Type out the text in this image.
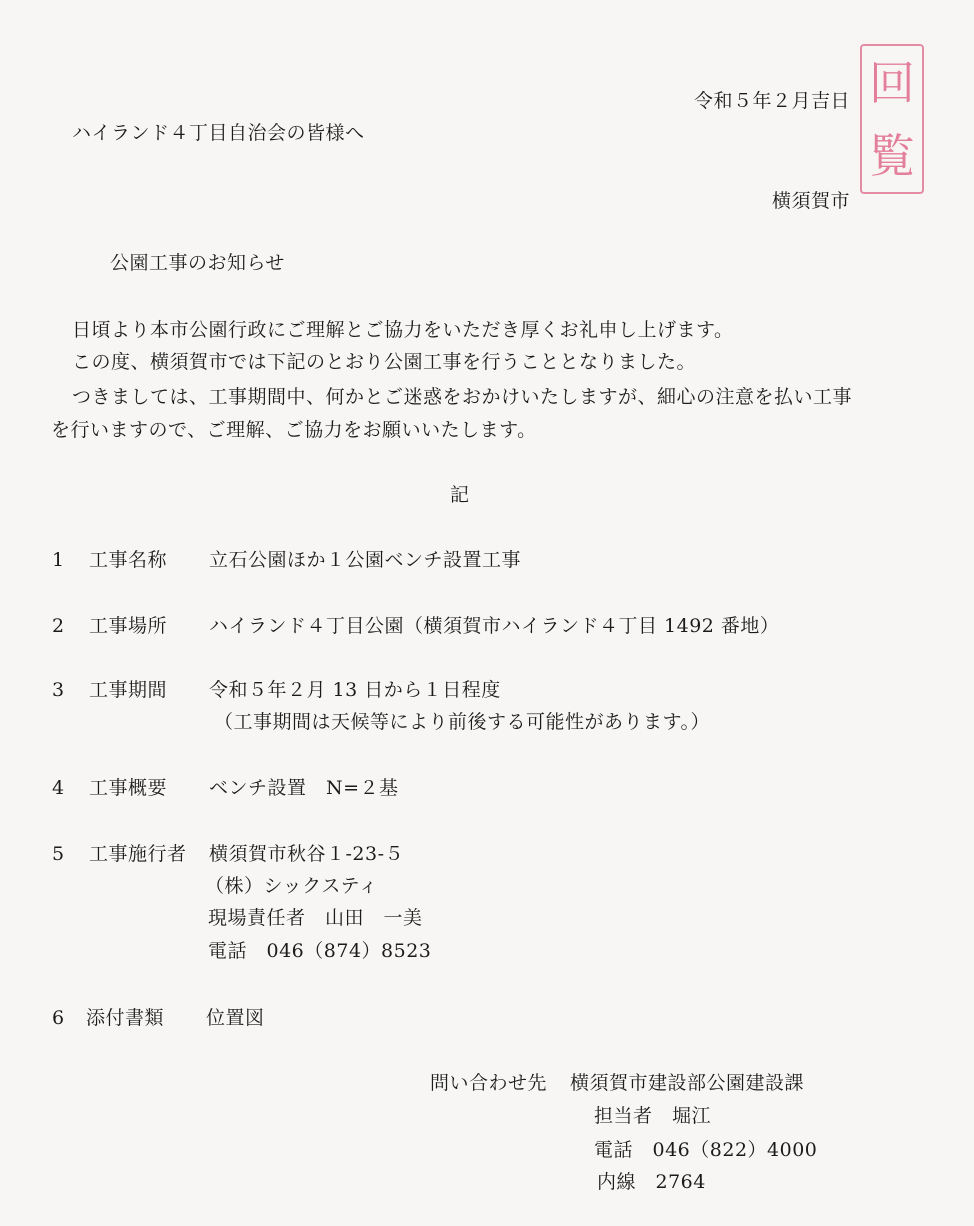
令和５年２月吉日 回
覧
ハイランド４丁目自治会の皆様へ
横須賀市
公園工事のお知らせ
日頃より本市公園行政にご理解とご協力をいただき厚くお礼申し上げます。
この度、横須賀市では下記のとおり公園工事を行うこととなりました。
つきましては、工事期間中、何かとご迷惑をおかけいたしますが、細心の注意を払い工事
を行いますので、ご理解、ご協力をお願いいたします。
記
1 工事名称 立石公園ほか１公園ベンチ設置工事
2 工事場所 ハイランド４丁目公園（横須賀市ハイランド４丁目 1492 番地）
3 工事期間 令和５年２月 13 日から１日程度
（工事期間は天候等により前後する可能性があります。）
4 工事概要 ベンチ設置　N=２基
5 工事施行者 横須賀市秋谷１-23-５
（株）シックスティ
現場責任者　山田　一美
電話　046（874）8523
6 添付書類 位置図
問い合わせ先 横須賀市建設部公園建設課
担当者　堀江
電話　046（822）4000
内線　2764
